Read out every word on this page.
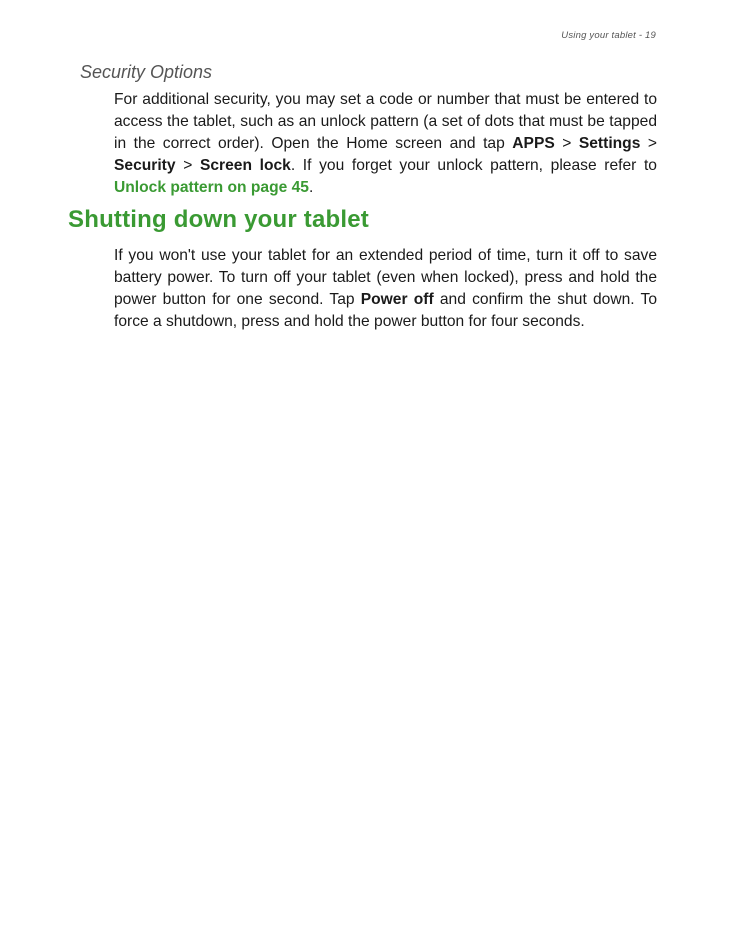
Using your tablet - 19
Security Options

For additional security, you may set a code or number that must be entered to access the tablet, such as an unlock pattern (a set of dots that must be tapped in the correct order). Open the Home screen and tap APPS > Settings > Security > Screen lock. If you forget your unlock pattern, please refer to Unlock pattern on page 45.

Shutting down your tablet

If you won't use your tablet for an extended period of time, turn it off to save battery power. To turn off your tablet (even when locked), press and hold the power button for one second. Tap Power off and confirm the shut down. To force a shutdown, press and hold the power button for four seconds.
